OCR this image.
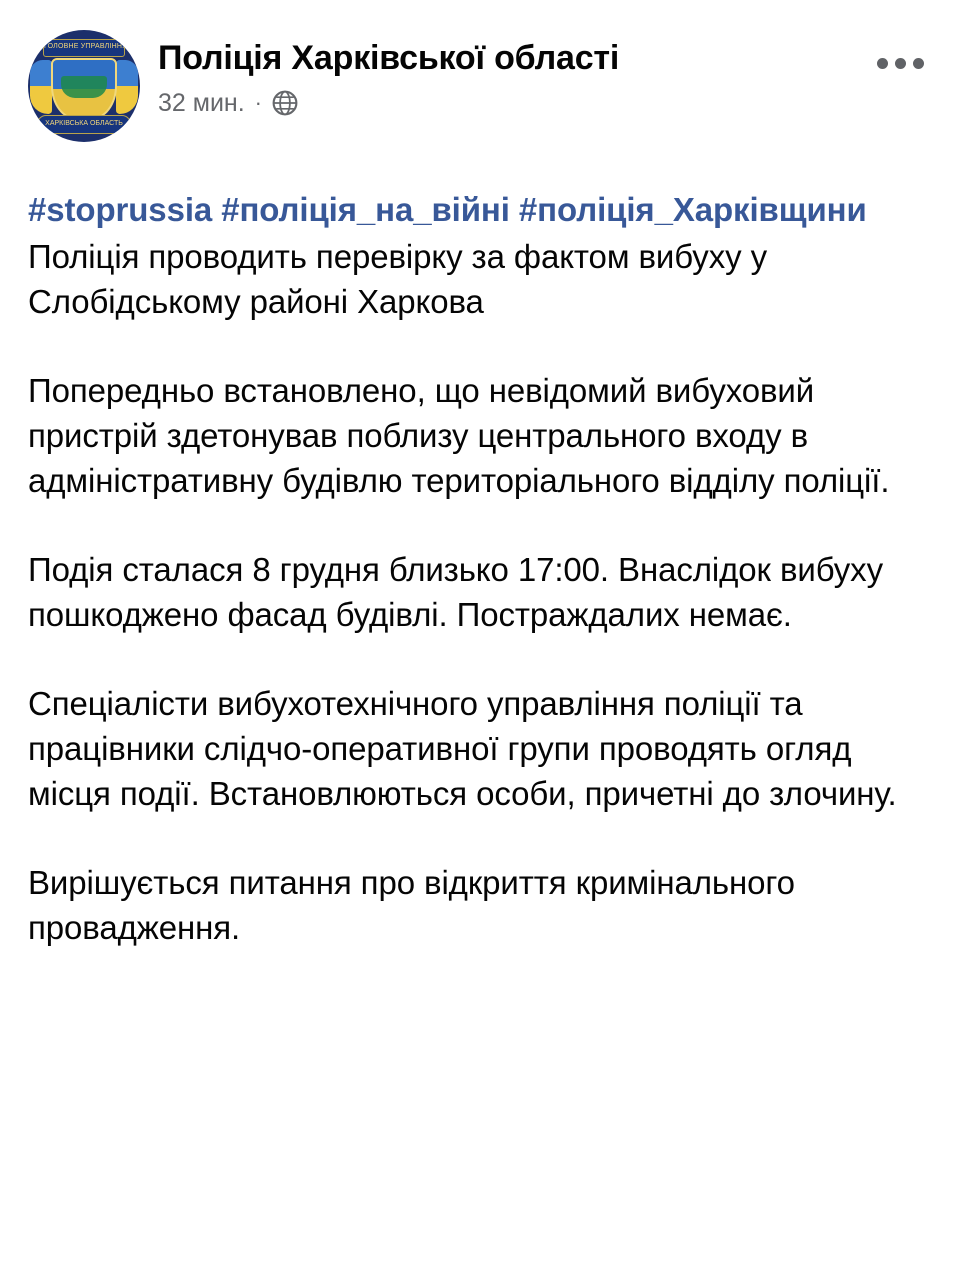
ГОЛОВНЕ УПРАВЛІННЯ
ХАРКІВСЬКА ОБЛАСТЬ
Поліція Харківської області
32 мин. ·
#stoprussia #поліція_на_війні #поліція_Харківщини

Поліція проводить перевірку за фактом вибуху у Слобідському районі Харкова

Попередньо встановлено, що невідомий вибуховий пристрій здетонував поблизу центрального входу в адміністративну будівлю територіального відділу поліції.

Подія сталася 8 грудня близько 17:00. Внаслідок вибуху пошкоджено фасад будівлі. Постраждалих немає.

Спеціалісти вибухотехнічного управління поліції та працівники слідчо-оперативної групи проводять огляд місця події. Встановлюються особи, причетні до злочину.

Вирішується питання про відкриття кримінального провадження.
